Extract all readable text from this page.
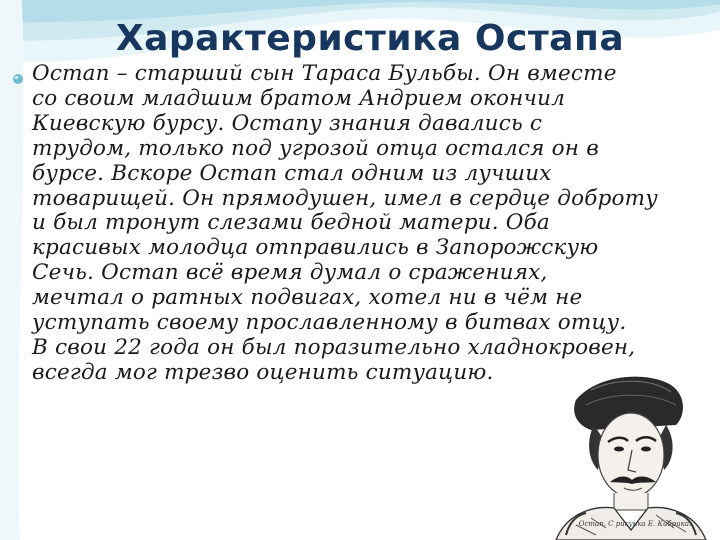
Характеристика Остапа
Остап – старший сын Тараса Бульбы. Он вместе
со своим младшим братом Андрием окончил
Киевскую бурсу. Остапу знания давались с
трудом, только под угрозой отца остался он в
бурсе. Вскоре Остап стал одним из лучших
товарищей. Он прямодушен, имел в сердце доброту
и был тронут слезами бедной матери. Оба
красивых молодца отправились в Запорожскую
Сечь. Остап всё время думал о сражениях,
мечтал о ратных подвигах, хотел ни в чём не
уступать своему прославленному в битвах отцу.
В свои 22 года он был поразительно хладнокровен,
всегда мог трезво оценить ситуацию.
Остап. С рисунка Е. Кибрика.
